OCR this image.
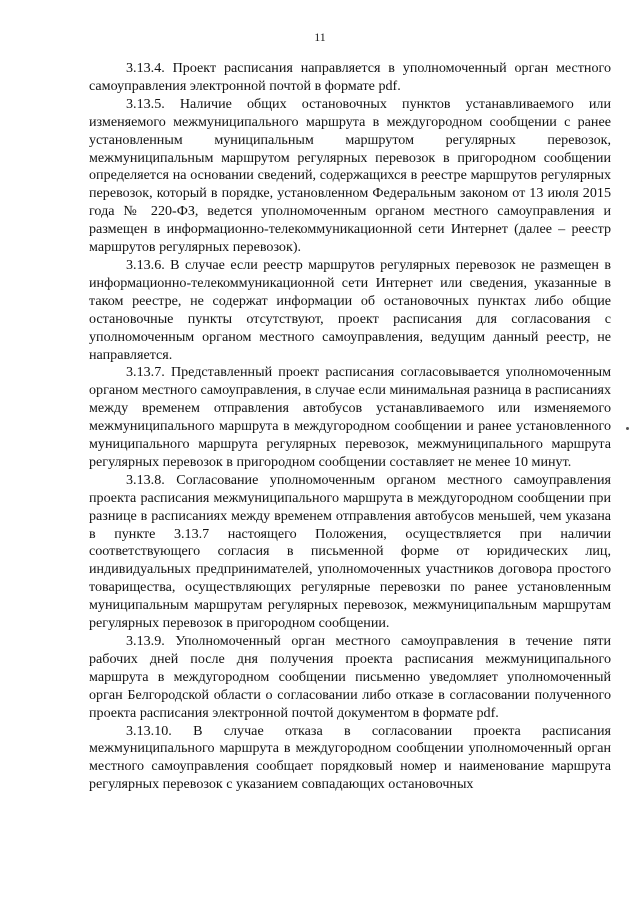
11

3.13.4. Проект расписания направляется в уполномоченный орган местного самоуправления электронной почтой в формате pdf.

3.13.5. Наличие общих остановочных пунктов устанавливаемого или изменяемого межмуниципального маршрута в междугородном сообщении с ранее установленным муниципальным маршрутом регулярных перевозок, межмуниципальным маршрутом регулярных перевозок в пригородном сообщении определяется на основании сведений, содержащихся в реестре маршрутов регулярных перевозок, который в порядке, установленном Федеральным законом от 13 июля 2015 года № 220-ФЗ, ведется уполномоченным органом местного самоуправления и размещен в информационно-телекоммуникационной сети Интернет (далее – реестр маршрутов регулярных перевозок).

3.13.6. В случае если реестр маршрутов регулярных перевозок не размещен в информационно-телекоммуникационной сети Интернет или сведения, указанные в таком реестре, не содержат информации об остановочных пунктах либо общие остановочные пункты отсутствуют, проект расписания для согласования с уполномоченным органом местного самоуправления, ведущим данный реестр, не направляется.

3.13.7. Представленный проект расписания согласовывается уполномоченным органом местного самоуправления, в случае если минимальная разница в расписаниях между временем отправления автобусов устанавливаемого или изменяемого межмуниципального маршрута в междугородном сообщении и ранее установленного муниципального маршрута регулярных перевозок, межмуниципального маршрута регулярных перевозок в пригородном сообщении составляет не менее 10 минут.

3.13.8. Согласование уполномоченным органом местного самоуправления проекта расписания межмуниципального маршрута в междугородном сообщении при разнице в расписаниях между временем отправления автобусов меньшей, чем указана в пункте 3.13.7 настоящего Положения, осуществляется при наличии соответствующего согласия в письменной форме от юридических лиц, индивидуальных предпринимателей, уполномоченных участников договора простого товарищества, осуществляющих регулярные перевозки по ранее установленным муниципальным маршрутам регулярных перевозок, межмуниципальным маршрутам регулярных перевозок в пригородном сообщении.

3.13.9. Уполномоченный орган местного самоуправления в течение пяти рабочих дней после дня получения проекта расписания межмуниципального маршрута в междугородном сообщении письменно уведомляет уполномоченный орган Белгородской области о согласовании либо отказе в согласовании полученного проекта расписания электронной почтой документом в формате pdf.

3.13.10. В случае отказа в согласовании проекта расписания межмуниципального маршрута в междугородном сообщении уполномоченный орган местного самоуправления сообщает порядковый номер и наименование маршрута регулярных перевозок с указанием совпадающих остановочных
